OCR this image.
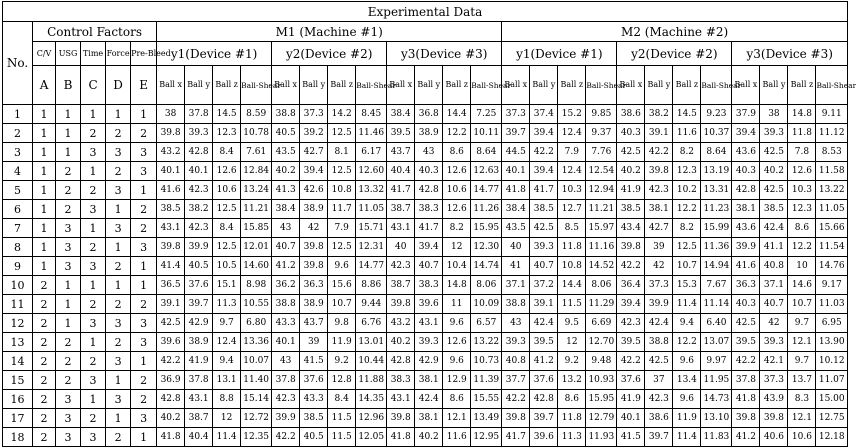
Experimental Data																													
No.	Control Factors					M1 (Machine #1)												M2 (Machine #2)											
	C/V	USG	Time	Force	Pre-Bleed	y1(Device #1)				y2(Device #2)				y3(Device #3)				y1(Device #1)				y2(Device #2)				y3(Device #3)			
						Ball x	Ball y	Ball z	Ball-Shear	Ball x	Ball y	Ball z	Ball-Shear	Ball x	Ball y	Ball z	Ball-Shear	Ball x	Ball y	Ball z	Ball-Shear	Ball x	Ball y	Ball z	Ball-Shear	Ball x	Ball y	Ball z	Ball-Shear
	A	B	C	D	E																								
1	1	1	1	1	1	38	37.8	14.5	8.59	38.8	37.3	14.2	8.45	38.4	36.8	14.4	7.25	37.3	37.4	15.2	9.85	38.6	38.2	14.5	9.23	37.9	38	14.8	9.11
2	1	1	2	2	2	39.8	39.3	12.3	10.78	40.5	39.2	12.5	11.46	39.5	38.9	12.2	10.11	39.7	39.4	12.4	9.37	40.3	39.1	11.6	10.37	39.4	39.3	11.8	11.12
3	1	1	3	3	3	43.2	42.8	8.4	7.61	43.5	42.7	8.1	6.17	43.7	43	8.6	8.64	44.5	42.2	7.9	7.76	42.5	42.2	8.2	8.64	43.6	42.5	7.8	8.53
4	1	2	1	2	3	40.1	40.1	12.6	12.84	40.2	39.4	12.5	12.60	40.4	40.3	12.6	12.63	40.1	39.4	12.4	12.54	40.2	39.8	12.3	13.19	40.3	40.2	12.6	11.58
5	1	2	2	3	1	41.6	42.3	10.6	13.24	41.3	42.6	10.8	13.32	41.7	42.8	10.6	14.77	41.8	41.7	10.3	12.94	41.9	42.3	10.2	13.31	42.8	42.5	10.3	13.22
6	1	2	3	1	2	38.5	38.2	12.5	11.21	38.4	38.9	11.7	11.05	38.7	38.3	12.6	11.26	38.4	38.5	12.7	11.21	38.5	38.1	12.2	11.23	38.1	38.5	12.3	11.05
7	1	3	1	3	2	43.1	42.3	8.4	15.85	43	42	7.9	15.71	43.1	41.7	8.2	15.95	43.5	42.5	8.5	15.97	43.4	42.7	8.2	15.99	43.6	42.4	8.6	15.66
8	1	3	2	1	3	39.8	39.9	12.5	12.01	40.7	39.8	12.5	12.31	40	39.4	12	12.30	40	39.3	11.8	11.16	39.8	39	12.5	11.36	39.9	41.1	12.2	11.54
9	1	3	3	2	1	41.4	40.5	10.5	14.60	41.2	39.8	9.6	14.77	42.3	40.7	10.4	14.74	41	40.7	10.8	14.52	42.2	42	10.7	14.94	41.6	40.8	10	14.76
10	2	1	1	1	1	36.5	37.6	15.1	8.98	36.2	36.3	15.6	8.86	38.7	38.3	14.8	8.06	37.1	37.2	14.4	8.06	36.4	37.3	15.3	7.67	36.3	37.1	14.6	9.17
11	2	1	2	2	2	39.1	39.7	11.3	10.55	38.8	38.9	10.7	9.44	39.8	39.6	11	10.09	38.8	39.1	11.5	11.29	39.4	39.9	11.4	11.14	40.3	40.7	10.7	11.03
12	2	1	3	3	3	42.5	42.9	9.7	6.80	43.3	43.7	9.8	6.76	43.2	43.1	9.6	6.57	43	42.4	9.5	6.69	42.3	42.4	9.4	6.40	42.5	42	9.7	6.95
13	2	2	1	2	3	39.6	38.9	12.4	13.36	40.1	39	11.9	13.01	40.2	39.3	12.6	13.22	39.3	39.5	12	12.70	39.5	38.8	12.2	13.07	39.5	39.3	12.1	13.90
14	2	2	2	3	1	42.2	41.9	9.4	10.07	43	41.5	9.2	10.44	42.8	42.9	9.6	10.73	40.8	41.2	9.2	9.48	42.2	42.5	9.6	9.97	42.2	42.1	9.7	10.12
15	2	2	3	1	2	36.9	37.8	13.1	11.40	37.8	37.6	12.8	11.88	38.3	38.1	12.9	11.39	37.7	37.6	13.2	10.93	37.6	37	13.4	11.95	37.8	37.3	13.7	11.07
16	2	3	1	3	2	42.8	43.1	8.8	15.14	42.3	43.3	8.4	14.35	43.1	42.4	8.6	15.55	42.2	42.8	8.6	15.95	41.9	42.3	9.6	14.73	41.8	43.9	8.3	15.00
17	2	3	2	1	3	40.2	38.7	12	12.72	39.9	38.5	11.5	12.96	39.8	38.1	12.1	13.49	39.8	39.7	11.8	12.79	40.1	38.6	11.9	13.10	39.8	39.8	12.1	12.75
18	2	3	3	2	1	41.8	40.4	11.4	12.35	42.2	40.5	11.5	12.05	41.8	40.2	11.6	12.95	41.7	39.6	11.3	11.93	41.5	39.7	11.4	11.83	41.2	40.6	10.6	12.18
